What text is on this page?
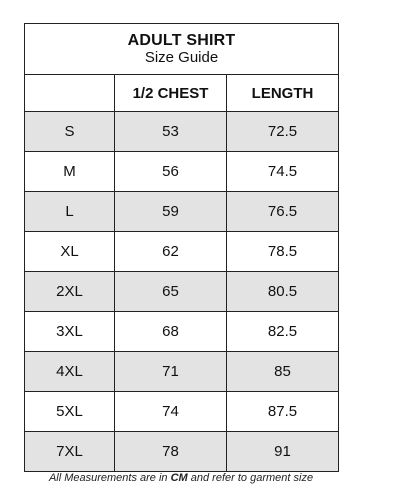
ADULT SHIRT
Size Guide		

	1/2 CHEST	LENGTH
S	53	72.5
M	56	74.5
L	59	76.5
XL	62	78.5
2XL	65	80.5
3XL	68	82.5
4XL	71	85
5XL	74	87.5
7XL	78	91
All Measurements are in CM and refer to garment size
